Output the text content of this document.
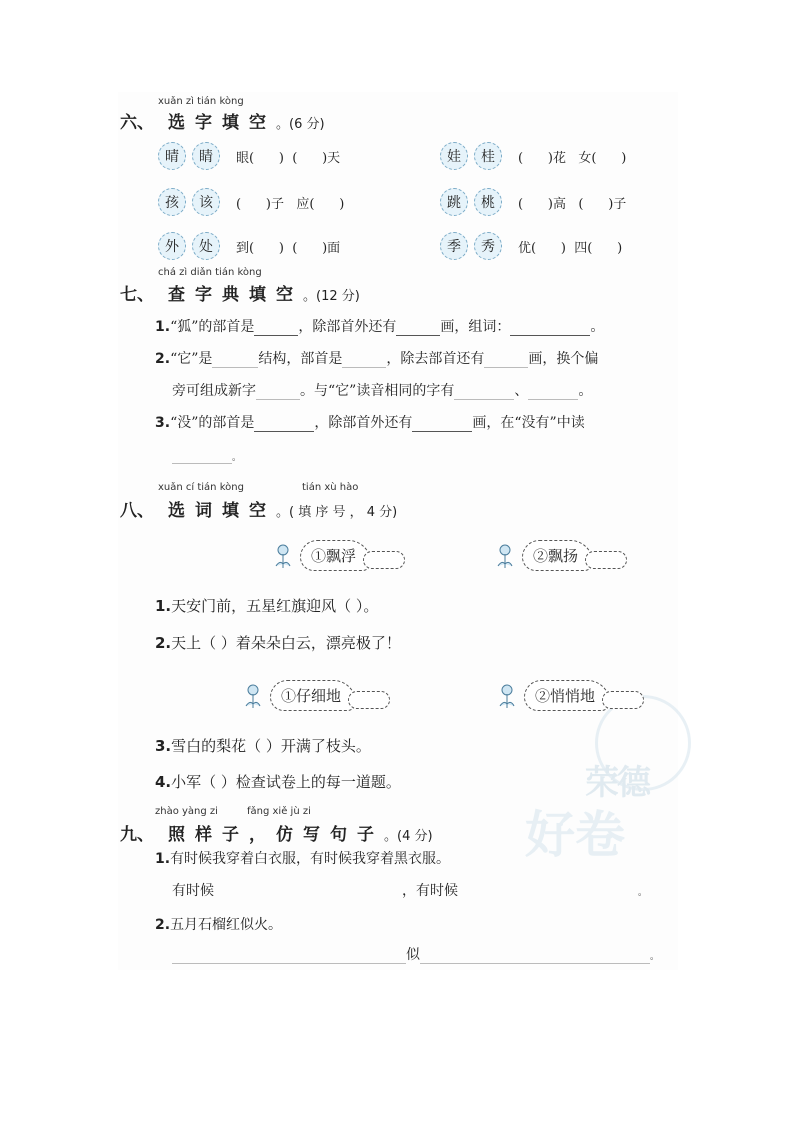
荣德
好卷
xuǎn zì tián kòng
六、 选 字 填 空 。(6 分)
晴	睛	眼(      )  (      )天	娃	桂	(      )花   女(      )
孩	该	(      )子   应(      )	跳	桃	(      )高   (      )子
外	处	到(      )  (      )面	季	秀	优(      )  四(      )
chá zì diǎn tián kòng
七、 查 字 典 填 空 。(12 分)
1.“狐”的部首是	，除部首外还有	画，组词：	。
2.“它”是	结构，部首是	，除去部首还有	画，换个偏
旁可组成新字	。与“它”读音相同的字有	、	。
3.“没”的部首是	，除部首外还有	画，在“没有”中读
。
xuǎn cí tián kòng	tián xù hào
八、 选 词 填 空 。( 填 序 号 ， 4 分)
①飘浮	②飘扬
1.天安门前，五星红旗迎风（ ）。
2.天上（ ）着朵朵白云，漂亮极了！
①仔细地	②悄悄地
3.雪白的梨花（ ）开满了枝头。
4.小军（ ）检查试卷上的每一道题。
zhào yàng zi	fǎng xiě jù zi
九、 照 样 子 ， 仿 写 句 子 。(4 分)
1.有时候我穿着白衣服，有时候我穿着黑衣服。
有时候	，有时候	。
2.五月石榴红似火。
似	。
